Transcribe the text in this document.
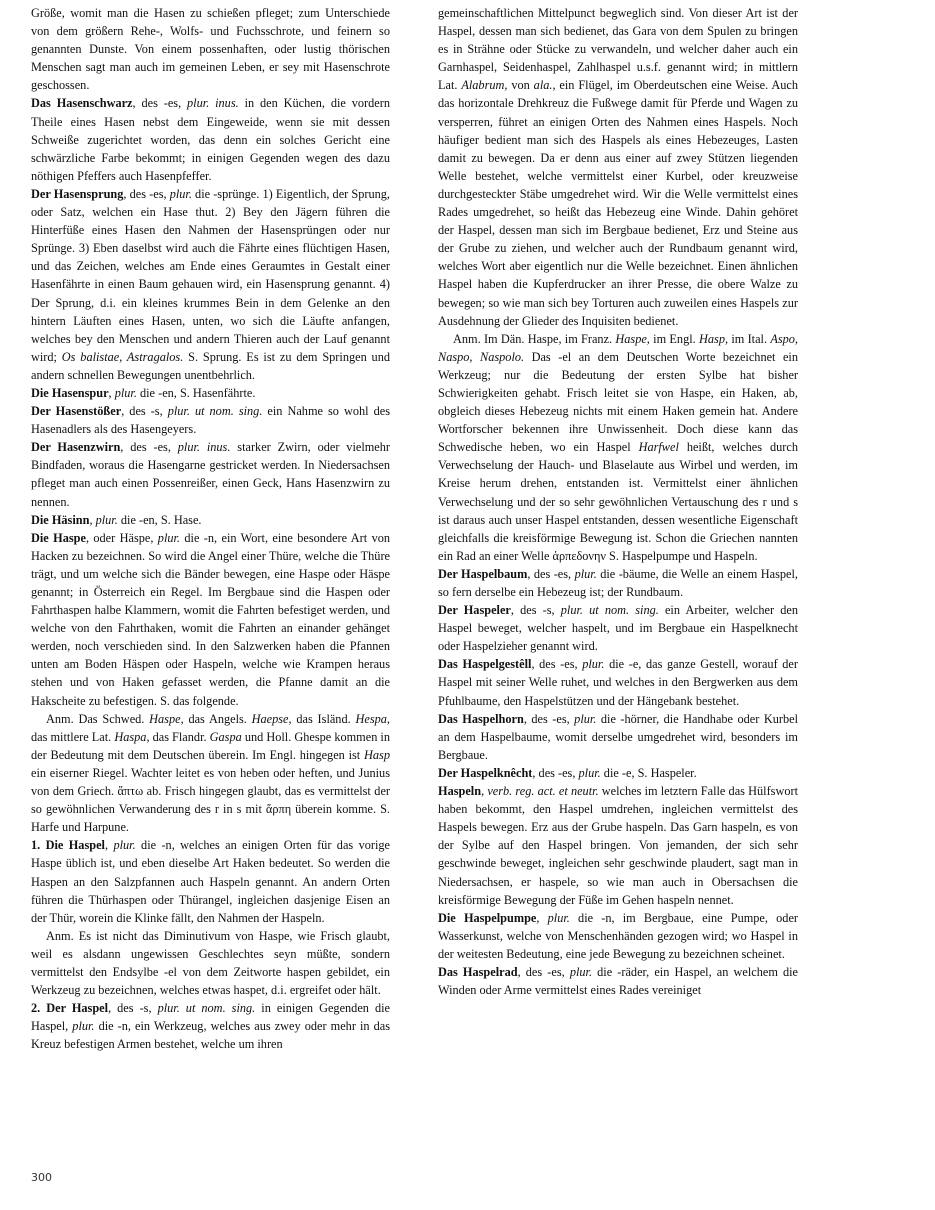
Größe, womit man die Hasen zu schießen pfleget; zum Unterschiede von dem größern Rehe-, Wolfs- und Fuchsschrote, und feinern so genannten Dunste. Von einem possenhaften, oder lustig thörischen Menschen sagt man auch im gemeinen Leben, er sey mit Hasenschrote geschossen.

Das Hasenschwarz, des -es, plur. inus. in den Küchen, die vordern Theile eines Hasen nebst dem Eingeweide, wenn sie mit dessen Schweiße zugerichtet worden, das denn ein solches Gericht eine schwärzliche Farbe bekommt; in einigen Gegenden wegen des dazu nöthigen Pfeffers auch Hasenpfeffer.

Der Hasensprung, des -es, plur. die -sprünge. 1) Eigentlich, der Sprung, oder Satz, welchen ein Hase thut. 2) Bey den Jägern führen die Hinterfüße eines Hasen den Nahmen der Hasensprüngen oder nur Sprünge. 3) Eben daselbst wird auch die Fährte eines flüchtigen Hasen, und das Zeichen, welches am Ende eines Geraumtes in Gestalt einer Hasenfährte in einen Baum gehauen wird, ein Hasensprung genannt. 4) Der Sprung, d.i. ein kleines krummes Bein in dem Gelenke an den hintern Läuften eines Hasen, unten, wo sich die Läufte anfangen, welches bey den Menschen und andern Thieren auch der Lauf genannt wird; Os balistae, Astragalos. S. Sprung. Es ist zu dem Springen und andern schnellen Bewegungen unentbehrlich.

Die Hasenspur, plur. die -en, S. Hasenfährte.

Der Hasenstößer, des -s, plur. ut nom. sing. ein Nahme so wohl des Hasenadlers als des Hasengeyers.

Der Hasenzwirn, des -es, plur. inus. starker Zwirn, oder vielmehr Bindfaden, woraus die Hasengarne gestricket werden. In Niedersachsen pfleget man auch einen Possenreißer, einen Geck, Hans Hasenzwirn zu nennen.

Die Häsinn, plur. die -en, S. Hase.

Die Haspe, oder Häspe, plur. die -n, ein Wort, eine besondere Art von Hacken zu bezeichnen. So wird die Angel einer Thüre, welche die Thüre trägt, und um welche sich die Bänder bewegen, eine Haspe oder Häspe genannt; in Österreich ein Regel. Im Bergbaue sind die Haspen oder Fahrthaspen halbe Klammern, womit die Fahrten befestiget werden, und welche von den Fahrthaken, womit die Fahrten an einander gehänget werden, noch verschieden sind. In den Salzwerken haben die Pfannen unten am Boden Häspen oder Haspeln, welche wie Krampen heraus stehen und von Haken gefasset werden, die Pfanne damit an die Hakscheite zu befestigen. S. das folgende.

Anm. Das Schwed. Haspe, das Angels. Haepse, das Isländ. Hespa, das mittlere Lat. Haspa, das Flandr. Gaspa und Holl. Ghespe kommen in der Bedeutung mit dem Deutschen überein. Im Engl. hingegen ist Hasp ein eiserner Riegel. Wachter leitet es von heben oder heften, und Junius von dem Griech. ἅπτω ab. Frisch hingegen glaubt, das es vermittelst der so gewöhnlichen Verwanderung des r in s mit ἅρπη überein komme. S. Harfe und Harpune.

1. Die Haspel, plur. die -n, welches an einigen Orten für das vorige Haspe üblich ist, und eben dieselbe Art Haken bedeutet. So werden die Haspen an den Salzpfannen auch Haspeln genannt. An andern Orten führen die Thürhaspen oder Thürangel, ingleichen dasjenige Eisen an der Thür, worein die Klinke fällt, den Nahmen der Haspeln.

Anm. Es ist nicht das Diminutivum von Haspe, wie Frisch glaubt, weil es alsdann ungewissen Geschlechtes seyn müßte, sondern vermittelst den Endsylbe -el von dem Zeitworte haspen gebildet, ein Werkzeug zu bezeichnen, welches etwas haspet, d.i. ergreifet oder hält.

2. Der Haspel, des -s, plur. ut nom. sing. in einigen Gegenden die Haspel, plur. die -n, ein Werkzeug, welches aus zwey oder mehr in das Kreuz befestigen Armen bestehet, welche um ihren

gemeinschaftlichen Mittelpunct begweglich sind. Von dieser Art ist der Haspel, dessen man sich bedienet, das Gara von dem Spulen zu bringen es in Strähne oder Stücke zu verwandeln, und welcher daher auch ein Garnhaspel, Seidenhaspel, Zahlhaspel u.s.f. genannt wird; in mittlern Lat. Alabrum, von ala., ein Flügel, im Oberdeutschen eine Weise. Auch das horizontale Drehkreuz die Fußwege damit für Pferde und Wagen zu versperren, führet an einigen Orten des Nahmen eines Haspels. Noch häufiger bedient man sich des Haspels als eines Hebezeuges, Lasten damit zu bewegen. Da er denn aus einer auf zwey Stützen liegenden Welle bestehet, welche vermittelst einer Kurbel, oder kreuzweise durchgesteckter Stäbe umgedrehet wird. Wir die Welle vermittelst eines Rades umgedrehet, so heißt das Hebezeug eine Winde. Dahin gehöret der Haspel, dessen man sich im Bergbaue bedienet, Erz und Steine aus der Grube zu ziehen, und welcher auch der Rundbaum genannt wird, welches Wort aber eigentlich nur die Welle bezeichnet. Einen ähnlichen Haspel haben die Kupferdrucker an ihrer Presse, die obere Walze zu bewegen; so wie man sich bey Torturen auch zuweilen eines Haspels zur Ausdehnung der Glieder des Inquisiten bedienet.

Anm. Im Dän. Haspe, im Franz. Haspe, im Engl. Hasp, im Ital. Aspo, Naspo, Naspolo. Das -el an dem Deutschen Worte bezeichnet ein Werkzeug; nur die Bedeutung der ersten Sylbe hat bisher Schwierigkeiten gehabt. Frisch leitet sie von Haspe, ein Haken, ab, obgleich dieses Hebezeug nichts mit einem Haken gemein hat. Andere Wortforscher bekennen ihre Unwissenheit. Doch diese kann das Schwedische heben, wo ein Haspel Harfwel heißt, welches durch Verwechselung der Hauch- und Blaselaute aus Wirbel und werden, im Kreise herum drehen, entstanden ist. Vermittelst einer ähnlichen Verwechselung und der so sehr gewöhnlichen Vertauschung des r und s ist daraus auch unser Haspel entstanden, dessen wesentliche Eigenschaft gleichfalls die kreisförmige Bewegung ist. Schon die Griechen nannten ein Rad an einer Welle ἁρπεδονην S. Haspelpumpe und Haspeln.

Der Haspelbaum, des -es, plur. die -bäume, die Welle an einem Haspel, so fern derselbe ein Hebezeug ist; der Rundbaum.

Der Haspeler, des -s, plur. ut nom. sing. ein Arbeiter, welcher den Haspel beweget, welcher haspelt, und im Bergbaue ein Haspelknecht oder Haspelzieher genannt wird.

Das Haspelgestêll, des -es, plur. die -e, das ganze Gestell, worauf der Haspel mit seiner Welle ruhet, und welches in den Bergwerken aus dem Pfuhlbaume, den Haspelstützen und der Hängebank bestehet.

Das Haspelhorn, des -es, plur. die -hörner, die Handhabe oder Kurbel an dem Haspelbaume, womit derselbe umgedrehet wird, besonders im Bergbaue.

Der Haspelknêcht, des -es, plur. die -e, S. Haspeler.

Haspeln, verb. reg. act. et neutr. welches im letztern Falle das Hülfswort haben bekommt, den Haspel umdrehen, ingleichen vermittelst des Haspels bewegen. Erz aus der Grube haspeln. Das Garn haspeln, es von der Sylbe auf den Haspel bringen. Von jemanden, der sich sehr geschwinde beweget, ingleichen sehr geschwinde plaudert, sagt man in Niedersachsen, er haspele, so wie man auch in Obersachsen die kreisförmige Bewegung der Füße im Gehen haspeln nennet.

Die Haspelpumpe, plur. die -n, im Bergbaue, eine Pumpe, oder Wasserkunst, welche von Menschenhänden gezogen wird; wo Haspel in der weitesten Bedeutung, eine jede Bewegung zu bezeichnen scheinet.

Das Haspelrad, des -es, plur. die -räder, ein Haspel, an welchem die Winden oder Arme vermittelst eines Rades vereiniget

300
